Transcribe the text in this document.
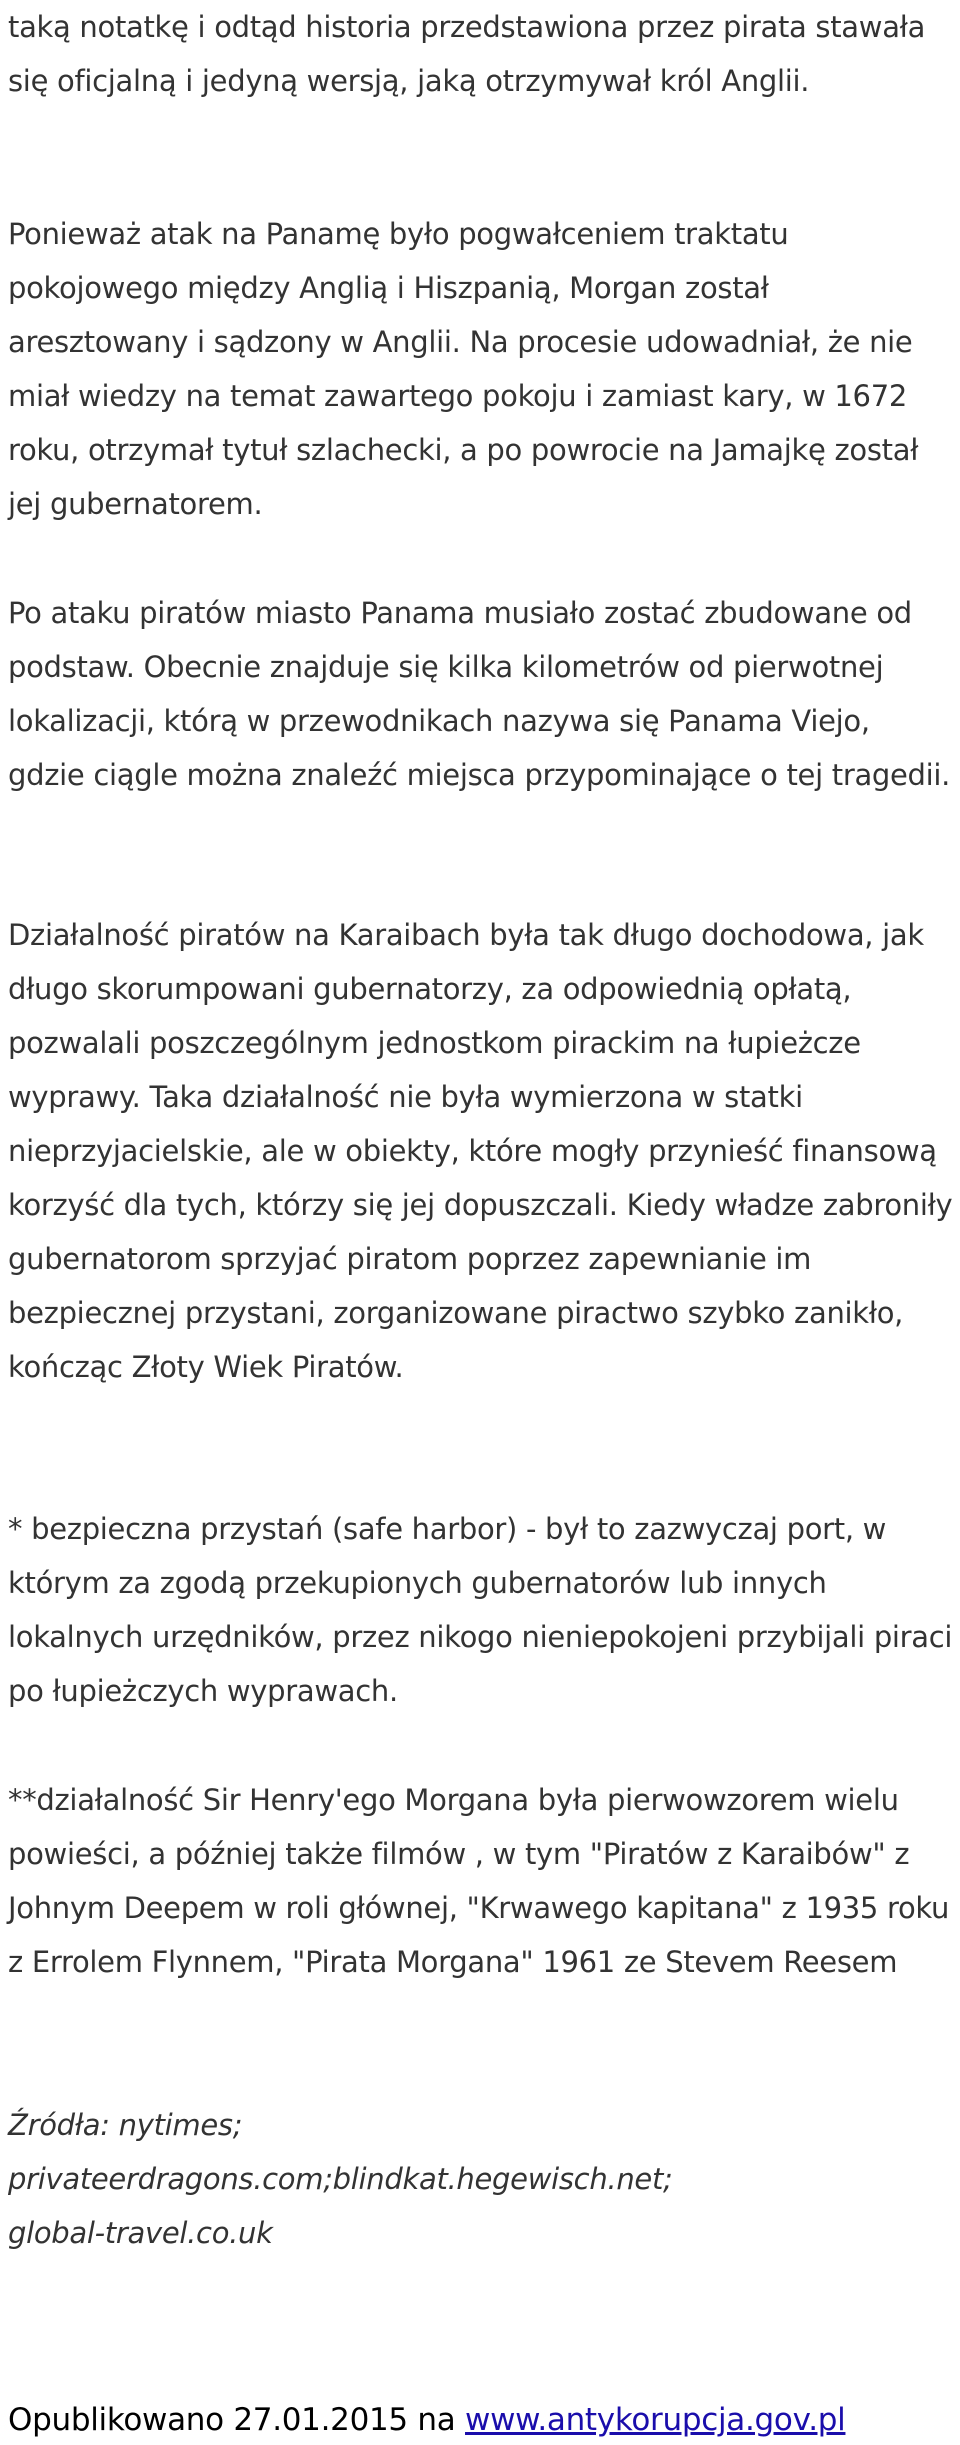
taką notatkę i odtąd historia przedstawiona przez pirata stawała się oficjalną i jedyną wersją, jaką otrzymywał król Anglii.

Ponieważ atak na Panamę było pogwałceniem traktatu pokojowego między Anglią i Hiszpanią, Morgan został aresztowany i sądzony w Anglii. Na procesie udowadniał, że nie miał wiedzy na temat zawartego pokoju i zamiast kary, w 1672 roku, otrzymał tytuł szlachecki, a po powrocie na Jamajkę został jej gubernatorem.

Po ataku piratów miasto Panama musiało zostać zbudowane od podstaw. Obecnie znajduje się kilka kilometrów od pierwotnej lokalizacji, którą w przewodnikach nazywa się Panama Viejo, gdzie ciągle można znaleźć miejsca przypominające o tej tragedii.

Działalność piratów na Karaibach była tak długo dochodowa, jak długo skorumpowani gubernatorzy, za odpowiednią opłatą, pozwalali poszczególnym jednostkom pirackim na łupieżcze wyprawy. Taka działalność nie była wymierzona w statki nieprzyjacielskie, ale w obiekty, które mogły przynieść finansową korzyść dla tych, którzy się jej dopuszczali. Kiedy władze zabroniły gubernatorom sprzyjać piratom poprzez zapewnianie im bezpiecznej przystani, zorganizowane piractwo szybko zanikło, kończąc Złoty Wiek Piratów.

* bezpieczna przystań (safe harbor) - był to zazwyczaj port, w którym za zgodą przekupionych gubernatorów lub innych lokalnych urzędników, przez nikogo nieniepokojeni przybijali piraci po łupieżczych wyprawach.

**działalność Sir Henry'ego Morgana była pierwowzorem wielu powieści, a później także filmów , w tym "Piratów z Karaibów" z Johnym Deepem w roli głównej, "Krwawego kapitana" z 1935 roku z Errolem Flynnem, "Pirata Morgana" 1961 ze Stevem Reesem

Źródła: nytimes;
privateerdragons.com;blindkat.hegewisch.net;
global-travel.co.uk

Opublikowano 27.01.2015 na www.antykorupcja.gov.pl
